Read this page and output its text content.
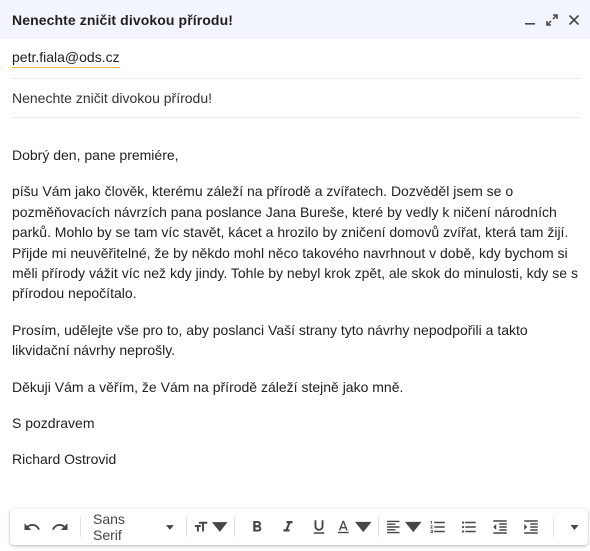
Nenechte zničit divokou přírodu!
petr.fiala@ods.cz
Nenechte zničit divokou přírodu!

Dobrý den, pane premiére,

píšu Vám jako člověk, kterému záleží na přírodě a zvířatech. Dozvěděl jsem se o pozměňovacích návrzích pana poslance Jana Bureše, které by vedly k ničení národních parků. Mohlo by se tam víc stavět, kácet a hrozilo by zničení domovů zvířat, která tam žijí. Přijde mi neuvěřitelné, že by někdo mohl něco takového navrhnout v době, kdy bychom si měli přírody vážit víc než kdy jindy. Tohle by nebyl krok zpět, ale skok do minulosti, kdy se s přírodou nepočítalo.

Prosím, udělejte vše pro to, aby poslanci Vaší strany tyto návrhy nepodpořili a takto likvidační návrhy neprošly.

Děkuji Vám a věřím, že Vám na přírodě záleží stejně jako mně.

S pozdravem

Richard Ostrovid

Sans Serif
